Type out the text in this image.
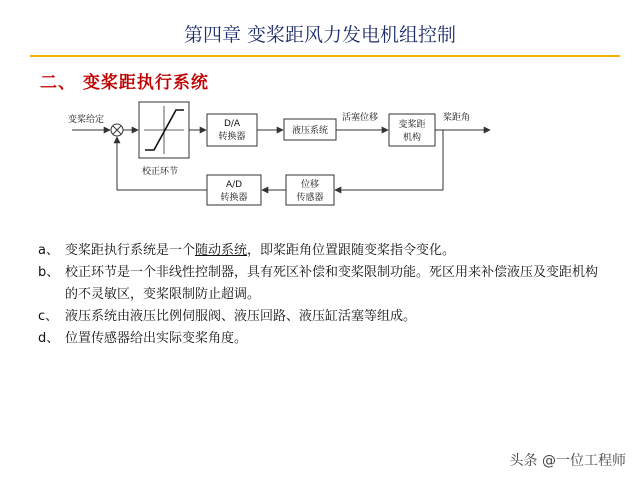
第四章 变桨距风力发电机组控制
二、 变桨距执行系统
变桨给定
校正环节
D/A
转换器
液压系统
活塞位移
变桨距
机构
桨距角
位移
传感器
A/D
转换器
a、 变桨距执行系统是一个随动系统，即桨距角位置跟随变桨指令变化。
b、 校正环节是一个非线性控制器，具有死区补偿和变桨限制功能。死区用来补偿液压及变距机构的不灵敏区，变桨限制防止超调。
c、 液压系统由液压比例伺服阀、液压回路、液压缸活塞等组成。
d、 位置传感器给出实际变桨角度。
头条 @一位工程师
